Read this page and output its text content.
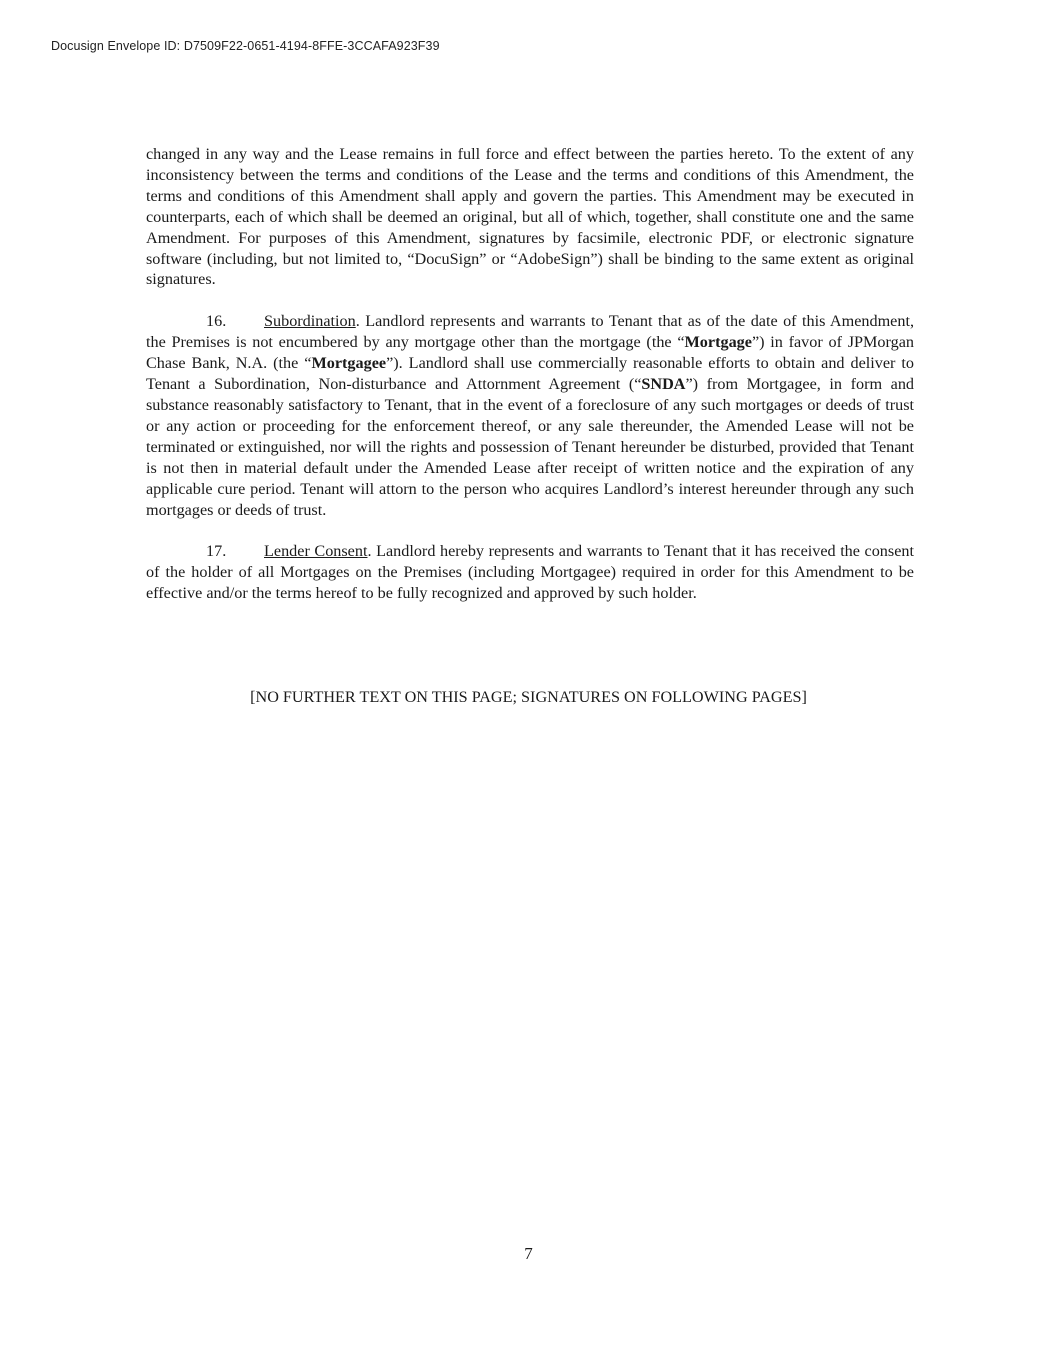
Docusign Envelope ID: D7509F22-0651-4194-8FFE-3CCAFA923F39

changed in any way and the Lease remains in full force and effect between the parties hereto. To the extent of any inconsistency between the terms and conditions of the Lease and the terms and conditions of this Amendment, the terms and conditions of this Amendment shall apply and govern the parties. This Amendment may be executed in counterparts, each of which shall be deemed an original, but all of which, together, shall constitute one and the same Amendment. For purposes of this Amendment, signatures by facsimile, electronic PDF, or electronic signature software (including, but not limited to, “DocuSign” or “AdobeSign”) shall be binding to the same extent as original signatures.

16. Subordination. Landlord represents and warrants to Tenant that as of the date of this Amendment, the Premises is not encumbered by any mortgage other than the mortgage (the “Mortgage”) in favor of JPMorgan Chase Bank, N.A. (the “Mortgagee”). Landlord shall use commercially reasonable efforts to obtain and deliver to Tenant a Subordination, Non-disturbance and Attornment Agreement (“SNDA”) from Mortgagee, in form and substance reasonably satisfactory to Tenant, that in the event of a foreclosure of any such mortgages or deeds of trust or any action or proceeding for the enforcement thereof, or any sale thereunder, the Amended Lease will not be terminated or extinguished, nor will the rights and possession of Tenant hereunder be disturbed, provided that Tenant is not then in material default under the Amended Lease after receipt of written notice and the expiration of any applicable cure period. Tenant will attorn to the person who acquires Landlord’s interest hereunder through any such mortgages or deeds of trust.

17. Lender Consent. Landlord hereby represents and warrants to Tenant that it has received the consent of the holder of all Mortgages on the Premises (including Mortgagee) required in order for this Amendment to be effective and/or the terms hereof to be fully recognized and approved by such holder.

[NO FURTHER TEXT ON THIS PAGE; SIGNATURES ON FOLLOWING PAGES]
7
